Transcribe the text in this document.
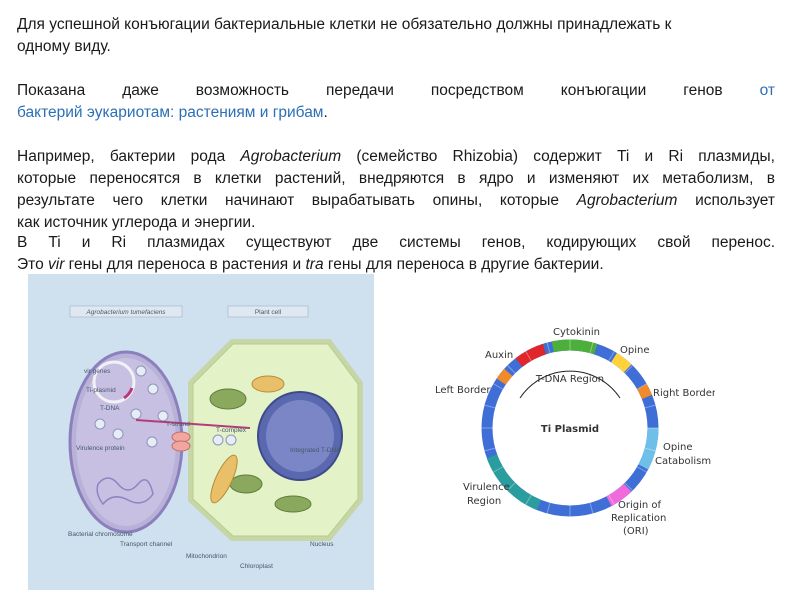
Для успешной конъюгации бактериальные клетки не обязательно должны принадлежать к
одному виду.
Показана даже возможность передачи посредством конъюгации генов от
бактерий эукариотам: растениям и грибам.
Например, бактерии рода Agrobacterium (семейство Rhizobia) содержит Ti и Ri плазмиды,
которые переносятся в клетки растений, внедряются в ядро и изменяют их метаболизм, в
результате чего клетки начинают вырабатывать опины, которые Agrobacterium использует
как источник углерода и энергии.
В Ti и Ri плазмидах существуют две системы генов, кодирующих свой перенос.
Это vir гены для переноса в растения и tra гены для переноса в другие бактерии.
Agrobacterium tumefaciens	Plant cell
vir genes
Ti-plasmid
T-DNA
T-strand
T-complex
Virulence protein	Integrated T-DNA
Bacterial chromosome
Transport channel
Mitochondrion
Chloroplast
Nucleus
T-DNA Region
Ti Plasmid
Cytokinin
Opine
Auxin
Left Border	Right Border
Opine
Catabolism
Virulence
Region	Origin of
Replication
(ORI)
